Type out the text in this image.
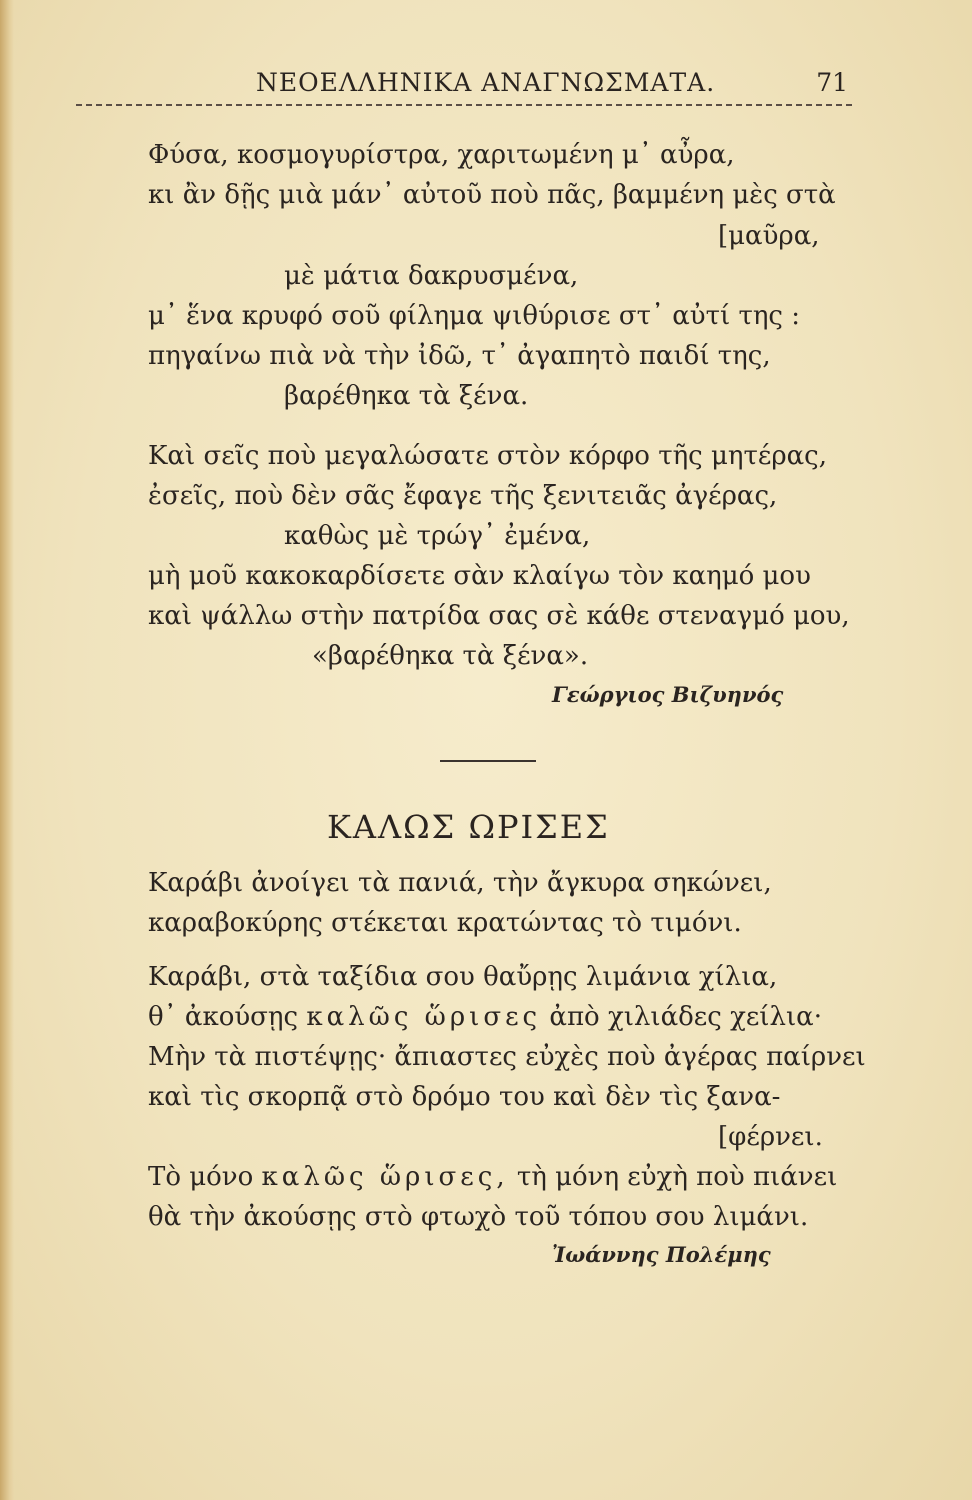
ΝΕΟΕΛΛΗΝΙΚΑ ΑΝΑΓΝΩΣΜΑΤΑ.	71
Φύσα, κοσμογυρίστρα, χαριτωμένη μ᾽ αὖρα,
κι ἂν δῇς μιὰ μάν᾽ αὐτοῦ ποὺ πᾶς, βαμμένη μὲς στὰ
[μαῦρα,
μὲ μάτια δακρυσμένα,
μ᾽ ἕνα κρυφό σοῦ φίλημα ψιθύρισε στ᾽ αὐτί της :
πηγαίνω πιὰ νὰ τὴν ἰδῶ, τ᾽ ἀγαπητὸ παιδί της,
βαρέθηκα τὰ ξένα.
Καὶ σεῖς ποὺ μεγαλώσατε στὸν κόρφο τῆς μητέρας,
ἐσεῖς, ποὺ δὲν σᾶς ἔφαγε τῆς ξενιτειᾶς ἀγέρας,
καθὼς μὲ τρώγ᾽ ἐμένα,
μὴ μοῦ κακοκαρδίσετε σὰν κλαίγω τὸν καημό μου
καὶ ψάλλω στὴν πατρίδα σας σὲ κάθε στεναγμό μου,
«βαρέθηκα τὰ ξένα».
Γεώργιος Βιζυηνός
ΚΑΛΩΣ ΩΡΙΣΕΣ
Καράβι ἀνοίγει τὰ πανιά, τὴν ἄγκυρα σηκώνει,
καραβοκύρης στέκεται κρατώντας τὸ τιμόνι.
Καράβι, στὰ ταξίδια σου θαὔρῃς λιμάνια χίλια,
θ᾽ ἀκούσῃς καλῶς ὥρισες ἀπὸ χιλιάδες χείλια·
Μὴν τὰ πιστέψῃς· ἄπιαστες εὐχὲς ποὺ ἀγέρας παίρνει
καὶ τὶς σκορπᾷ στὸ δρόμο του καὶ δὲν τὶς ξανα-
[φέρνει.
Τὸ μόνο καλῶς ὥρισες, τὴ μόνη εὐχὴ ποὺ πιάνει
θὰ τὴν ἀκούσῃς στὸ φτωχὸ τοῦ τόπου σου λιμάνι.
Ἰωάννης Πολέμης
